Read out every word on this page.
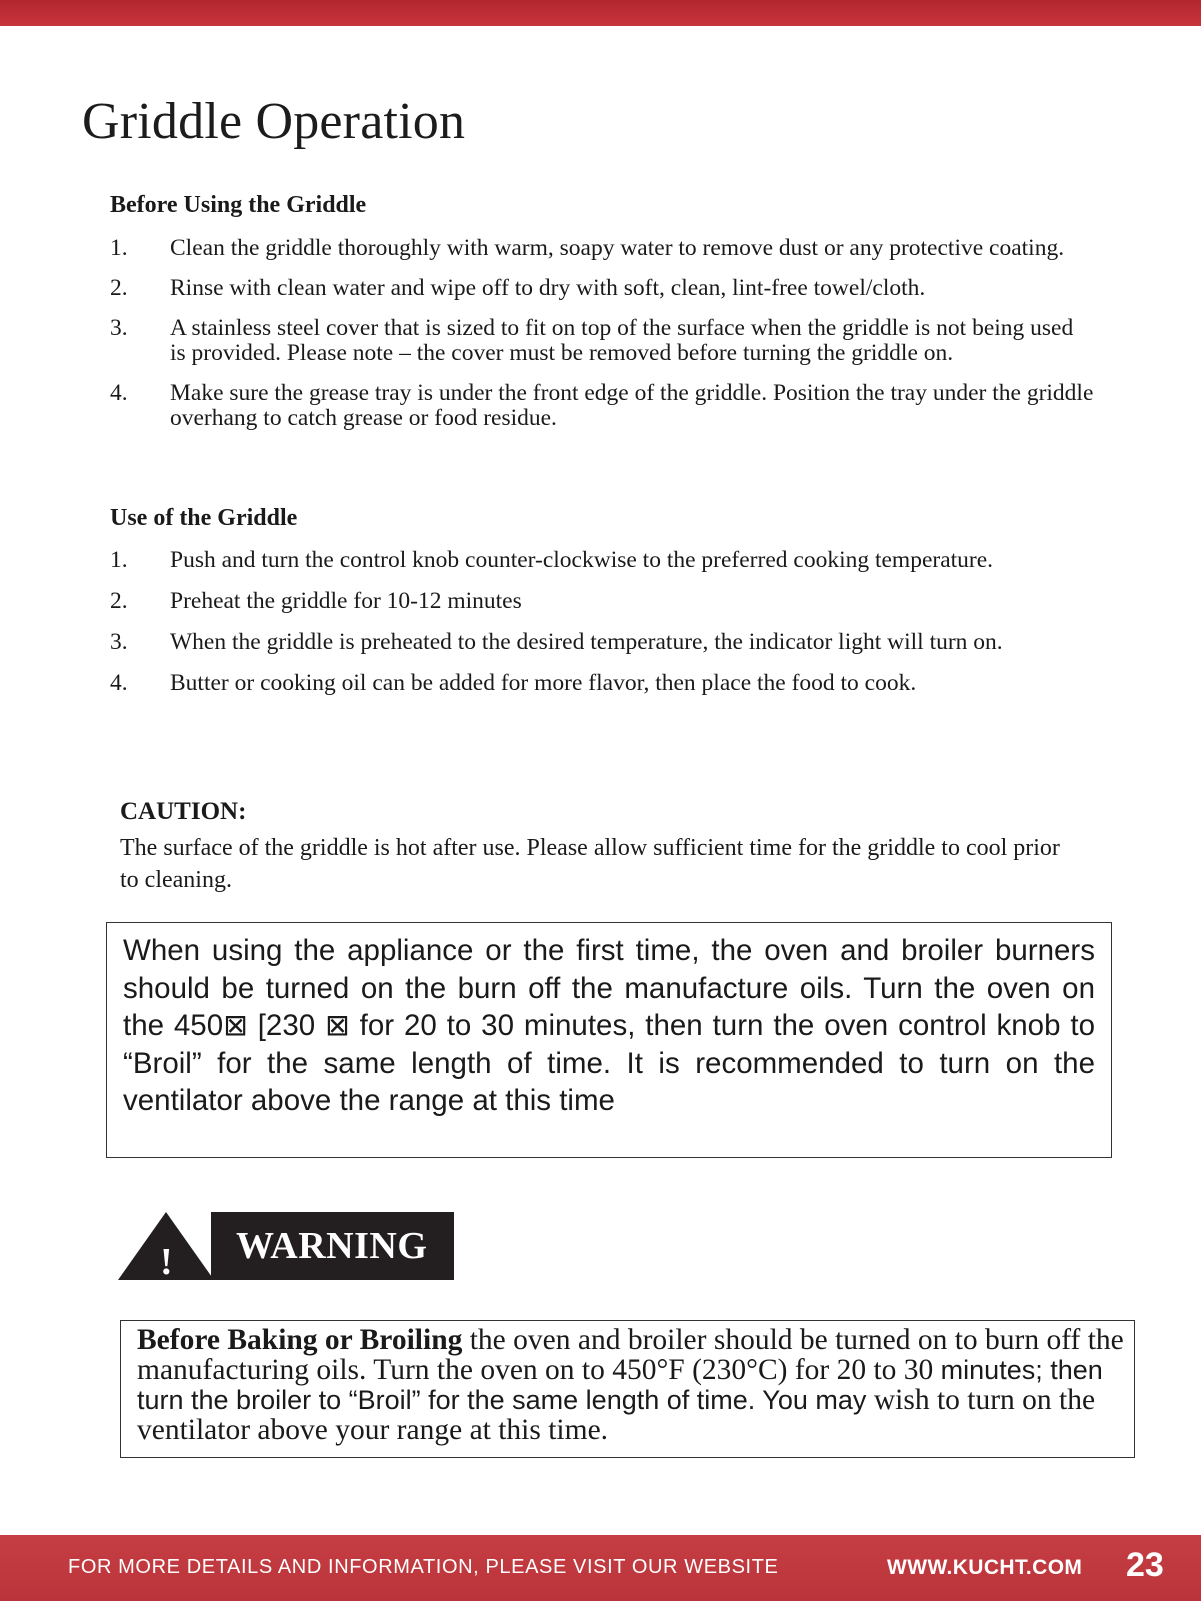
Griddle Operation
Before Using the Griddle
1. Clean the griddle thoroughly with warm, soapy water to remove dust or any protective coating.
2. Rinse with clean water and wipe off to dry with soft, clean, lint-free towel/cloth.
3. A stainless steel cover that is sized to fit on top of the surface when the griddle is not being used is provided. Please note – the cover must be removed before turning the griddle on.
4. Make sure the grease tray is under the front edge of the griddle. Position the tray under the griddle overhang to catch grease or food residue.
Use of the Griddle
1. Push and turn the control knob counter-clockwise to the preferred cooking temperature.
2. Preheat the griddle for 10-12 minutes
3. When the griddle is preheated to the desired temperature, the indicator light will turn on.
4. Butter or cooking oil can be added for more flavor, then place the food to cook.
CAUTION:

The surface of the griddle is hot after use. Please allow sufficient time for the griddle to cool prior to cleaning.

When using the appliance or the first time, the oven and broiler burners should be turned on the burn off the manufacture oils. Turn the oven on the 450⊠ [230 ⊠ for 20 to 30 minutes, then turn the oven control knob to “Broil” for the same length of time. It is recommended to turn on the ventilator above the range at this time

! WARNING

Before Baking or Broiling the oven and broiler should be turned on to burn off the manufacturing oils. Turn the oven on to 450°F (230°C) for 20 to 30 minutes; then turn the broiler to “Broil” for the same length of time. You may wish to turn on the ventilator above your range at this time.

FOR MORE DETAILS AND INFORMATION, PLEASE VISIT OUR WEBSITE	WWW.KUCHT.COM 23
